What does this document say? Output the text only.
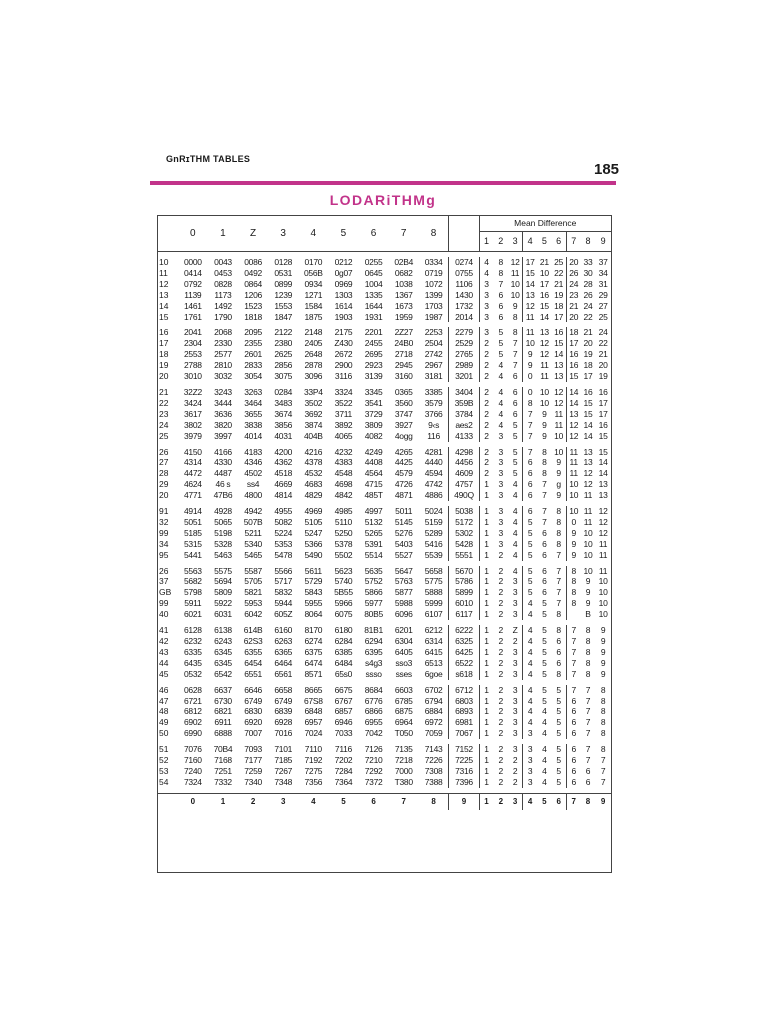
GnRɪTHM TABLES
185
LODARiTHMg
	0	1	Z	3	4	5	6	7	8		Mean Difference								
											1	2	3	4	5	6	7	8	9

10	0000	0043	0086	0128	0170	0212	0255	02B4	0334	0274	4	8	12	17	21	25	20	33	37
11	0414	0453	0492	0531	056B	0g07	0645	0682	0719	0755	4	8	11	15	10	22	26	30	34
12	0792	0828	0864	0899	0934	0969	1004	1038	1072	1106	3	7	10	14	17	21	24	28	31
13	1139	1173	1206	1239	1271	1303	1335	1367	1399	1430	3	6	10	13	16	19	23	26	29
14	1461	1492	1523	1553	1584	1614	1644	1673	1703	1732	3	6	9	12	15	18	21	24	27
15	1761	1790	1818	1847	1875	1903	1931	1959	1987	2014	3	6	8	11	14	17	20	22	25

16	2041	2068	2095	2122	2148	2175	2201	2Z27	2253	2279	3	5	8	11	13	16	18	21	24
17	2304	2330	2355	2380	2405	Z430	2455	24B0	2504	2529	2	5	7	10	12	15	17	20	22
18	2553	2577	2601	2625	2648	2672	2695	2718	2742	2765	2	5	7	9	12	14	16	19	21
19	2788	2810	2833	2856	2878	2900	2923	2945	2967	2989	2	4	7	9	11	13	16	18	20
20	3010	3032	3054	3075	3096	3116	3139	3160	3181	3201	2	4	6	0	11	13	15	17	19

21	32Z2	3243	3263	0284	33P4	3324	3345	0365	3385	3404	2	4	6	0	10	12	14	16	16
22	3424	3444	3464	3483	3502	3522	3541	3560	3579	359B	2	4	6	8	10	12	14	15	17
23	3617	3636	3655	3674	3692	3711	3729	3747	3766	3784	2	4	6	7	9	11	13	15	17
24	3802	3820	3838	3856	3874	3892	3809	3927	9‹s	aes2	2	4	5	7	9	11	12	14	16
25	3979	3997	4014	4031	404B	4065	4082	4ogg	116	4133	2	3	5	7	9	10	12	14	15

26	4150	4166	4183	4200	4216	4232	4249	4265	4281	4298	2	3	5	7	8	10	11	13	15
27	4314	4330	4346	4362	4378	4383	4408	4425	4440	4456	2	3	5	6	8	9	11	13	14
28	4472	4487	4502	4518	4532	4548	4564	4579	4594	4609	2	3	5	6	8	9	11	12	14
29	4624	46 s	ss4	4669	4683	4698	4715	4726	4742	4757	1	3	4	6	7	g	10	12	13
20	4771	47B6	4800	4814	4829	4842	485T	4871	4886	490Q	1	3	4	6	7	9	10	11	13

91	4914	4928	4942	4955	4969	4985	4997	5011	5024	5038	1	3	4	6	7	8	10	11	12
32	5051	5065	507B	5082	5105	5110	5132	5145	5159	5172	1	3	4	5	7	8	0	11	12
99	5185	5198	5211	5224	5247	5250	5265	5276	5289	5302	1	3	4	5	6	8	9	10	12
34	5315	5328	5340	5353	5366	5378	5391	5403	5416	5428	1	3	4	5	6	8	9	10	11
95	5441	5463	5465	5478	5490	5502	5514	5527	5539	5551	1	2	4	5	6	7	9	10	11

26	5563	5575	5587	5566	5611	5623	5635	5647	5658	5670	1	2	4	5	6	7	8	10	11
37	5682	5694	5705	5717	5729	5740	5752	5763	5775	5786	1	2	3	5	6	7	8	9	10
GB	5798	5809	5821	5832	5843	5B55	5866	5877	5888	5899	1	2	3	5	6	7	8	9	10
99	5911	5922	5953	5944	5955	5966	5977	5988	5999	6010	1	2	3	4	5	7	8	9	10
40	6021	6031	6042	605Z	8064	6075	80B5	6096	6107	6117	1	2	3	4	5	8		B	10

41	6128	6138	614B	6160	8170	6180	81B1	6201	6212	6222	1	2	Z	4	5	8	7	8	9
42	6232	6243	62S3	6263	6274	6284	6294	6304	6314	6325	1	2	2	4	5	6	7	8	9
43	6335	6345	6355	6365	6375	6385	6395	6405	6415	6425	1	2	3	4	5	6	7	8	9
44	6435	6345	6454	6464	6474	6484	s4g3	sso3	6513	6522	1	2	3	4	5	6	7	8	9
45	0532	6542	6551	6561	8571	65s0	ssso	sses	6goe	s618	1	2	3	4	5	8	7	8	9

46	0628	6637	6646	6658	8665	6675	8684	6603	6702	6712	1	2	3	4	5	5	7	7	8
47	6721	6730	6749	6749	67S8	6767	6776	6785	6794	6803	1	2	3	4	5	5	6	7	8
48	6812	6821	6830	6839	6848	6857	6866	6875	6884	6893	1	2	3	4	4	5	6	7	8
49	6902	6911	6920	6928	6957	6946	6955	6964	6972	6981	1	2	3	4	4	5	6	7	8
50	6990	6888	7007	7016	7024	7033	7042	T050	7059	7067	1	2	3	3	4	5	6	7	8

51	7076	70B4	7093	7101	7110	7116	7126	7135	7143	7152	1	2	3	3	4	5	6	7	8
52	7160	7168	7177	7185	7192	7202	7210	7218	7226	7225	1	2	2	3	4	5	6	7	7
53	7240	7251	7259	7267	7275	7284	7292	7000	7308	7316	1	2	2	3	4	5	6	6	7
54	7324	7332	7340	7348	7356	7364	7372	T380	7388	7396	1	2	2	3	4	5	6	6	7

	0	1	2	3	4	5	6	7	8	9	1	2	3	4	5	6	7	8	9
